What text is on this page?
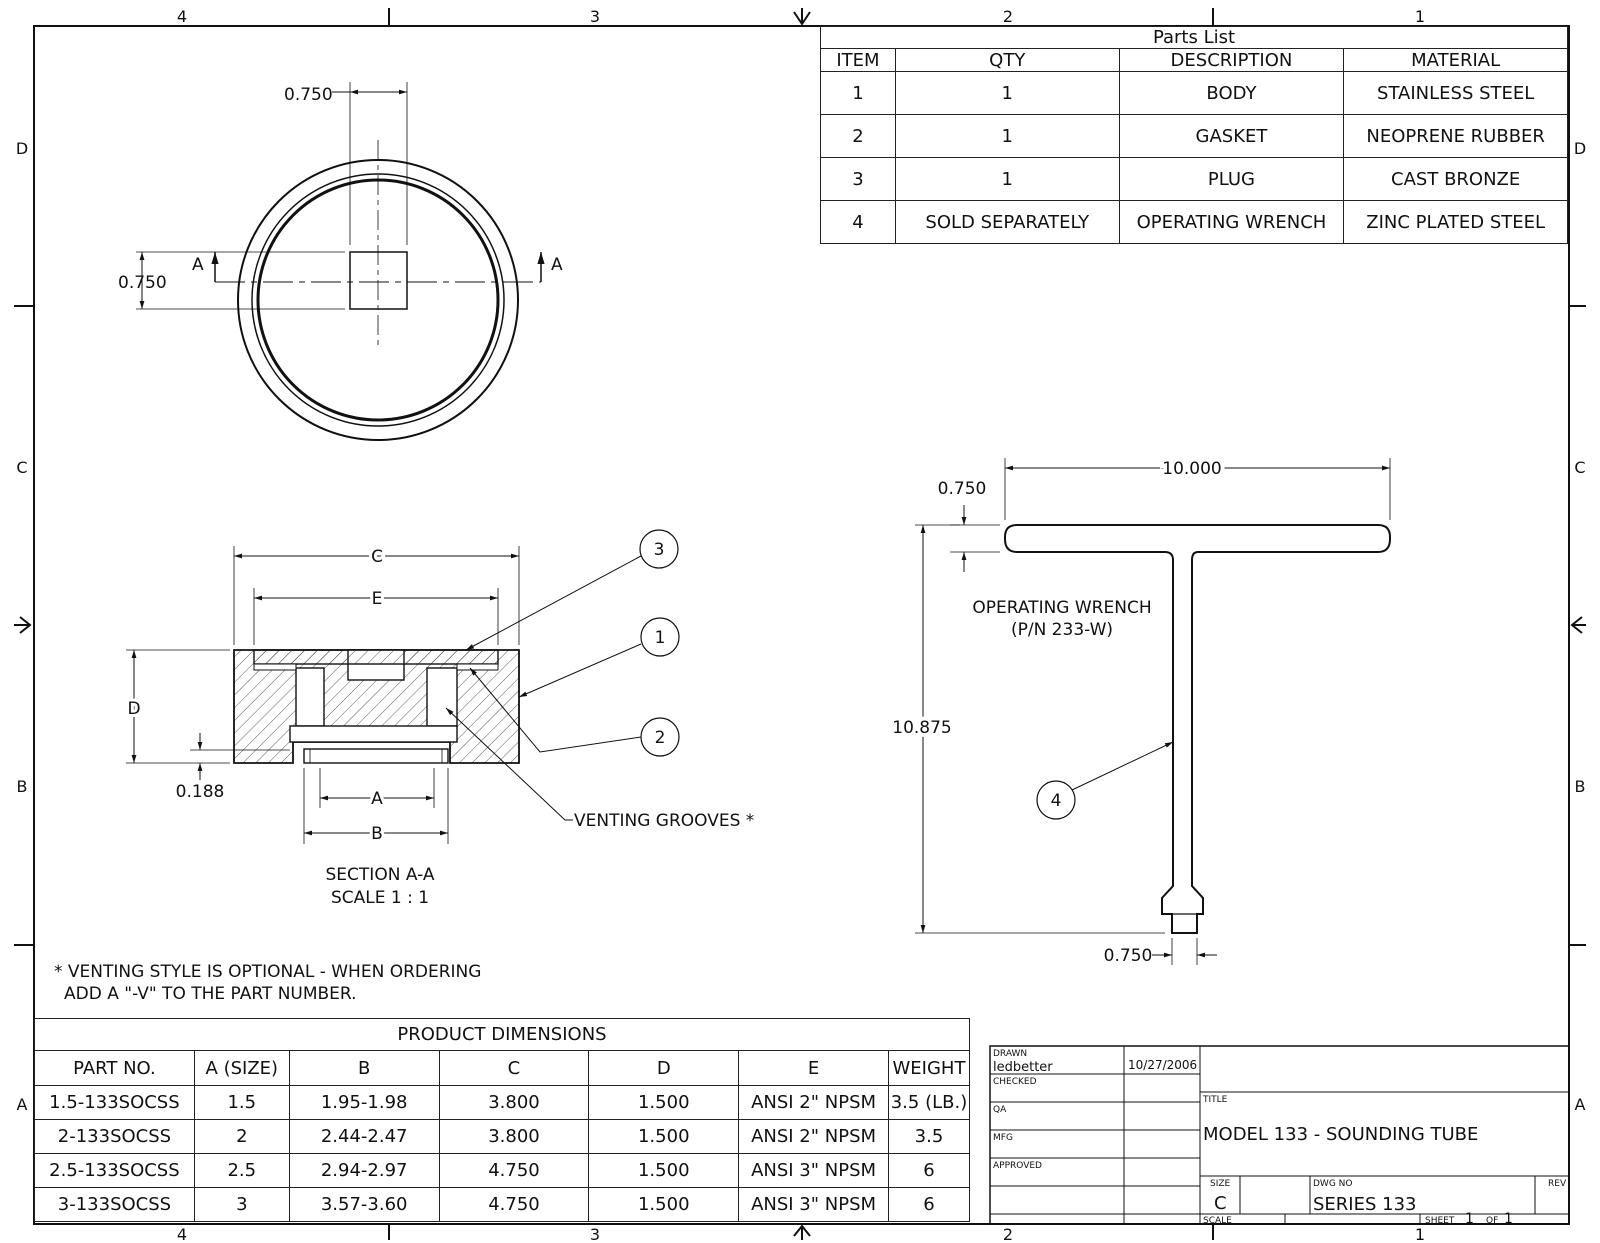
4	3	2	1
4	3	2	1
D
C
B
A
D
C
B
A
0.750
0.750
A	A
C
E
D
A
B
0.188
3
1
2
VENTING GROOVES *
SECTION A-A
SCALE 1 : 1
10.000
0.750
10.875
0.750
OPERATING WRENCH
(P/N 233-W)
4
* VENTING STYLE IS OPTIONAL - WHEN ORDERING
ADD A "-V" TO THE PART NUMBER.
DRAWN
ledbetter	10/27/2006
CHECKED
QA
MFG
APPROVED
TITLE
MODEL 133 - SOUNDING TUBE
SIZE
C
DWG NO
SERIES 133
REV
SCALE	SHEET 1 OF 1
Parts List			
ITEM	QTY	DESCRIPTION	MATERIAL
1	1	BODY	STAINLESS STEEL
2	1	GASKET	NEOPRENE RUBBER
3	1	PLUG	CAST BRONZE
4	SOLD SEPARATELY	OPERATING WRENCH	ZINC PLATED STEEL
PRODUCT DIMENSIONS						
PART NO.	A (SIZE)	B	C	D	E	WEIGHT
1.5-133SOCSS	1.5	1.95-1.98	3.800	1.500	ANSI 2" NPSM	3.5 (LB.)
2-133SOCSS	2	2.44-2.47	3.800	1.500	ANSI 2" NPSM	3.5
2.5-133SOCSS	2.5	2.94-2.97	4.750	1.500	ANSI 3" NPSM	6
3-133SOCSS	3	3.57-3.60	4.750	1.500	ANSI 3" NPSM	6
